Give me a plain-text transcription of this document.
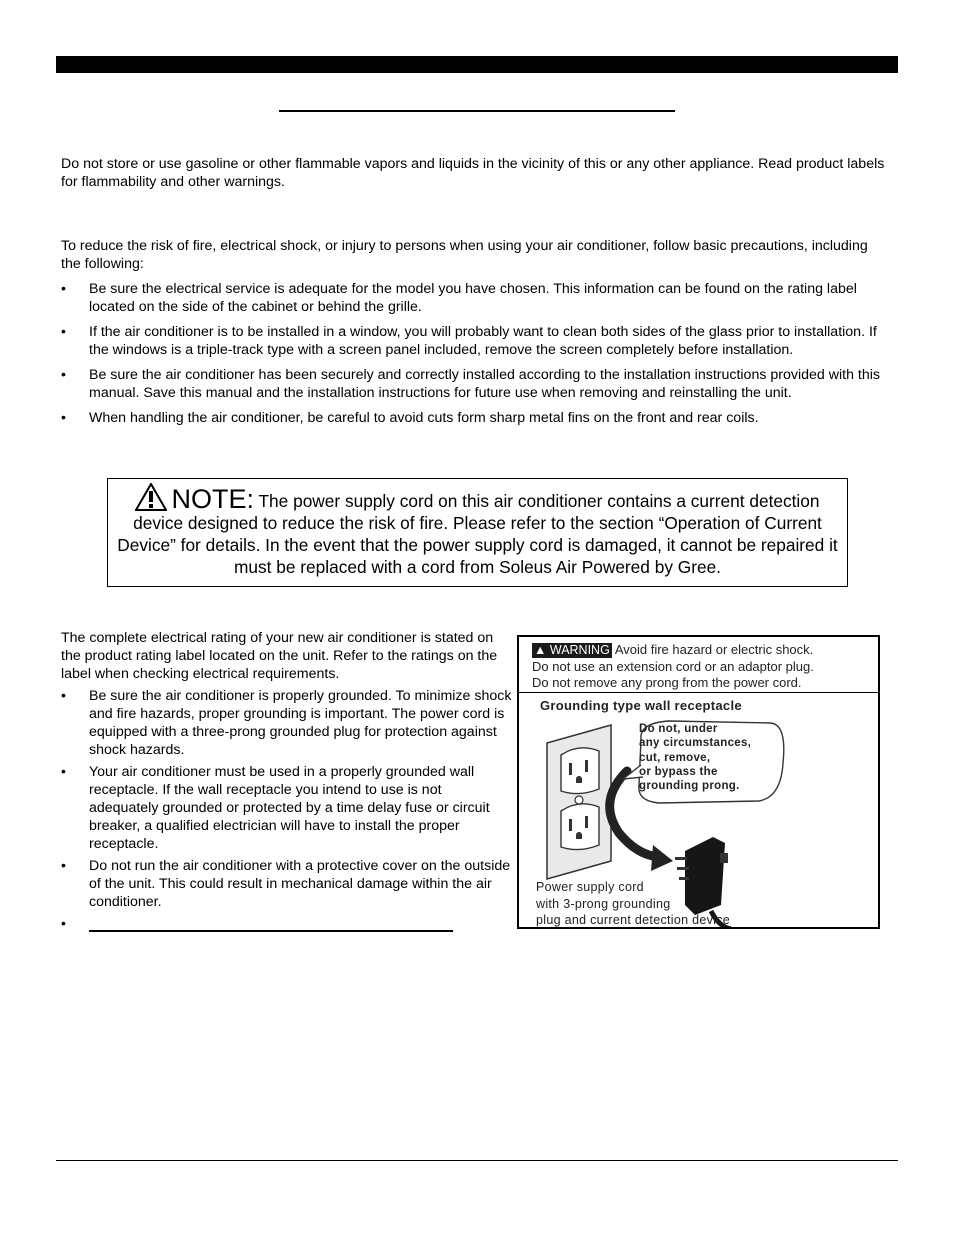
Do not store or use gasoline or other flammable vapors and liquids in the vicinity of this or any other appliance. Read product labels for flammability and other warnings.

To reduce the risk of fire, electrical shock, or injury to persons when using your air conditioner, follow basic precautions, including the following:

• Be sure the electrical service is adequate for the model you have chosen. This information can be found on the rating label located on the side of the cabinet or behind the grille.
• If the air conditioner is to be installed in a window, you will probably want to clean both sides of the glass prior to installation. If the windows is a triple-track type with a screen panel included, remove the screen completely before installation.
• Be sure the air conditioner has been securely and correctly installed according to the installation instructions provided with this manual. Save this manual and the installation instructions for future use when removing and reinstalling the unit.
• When handling the air conditioner, be careful to avoid cuts form sharp metal fins on the front and rear coils.
NOTE: The power supply cord on this air conditioner contains a current detection device designed to reduce the risk of fire. Please refer to the section “Operation of Current Device” for details. In the event that the power supply cord is damaged, it cannot be repaired it must be replaced with a cord from Soleus Air Powered by Gree.

The complete electrical rating of your new air conditioner is stated on the product rating label located on the unit. Refer to the ratings on the label when checking electrical requirements.

• Be sure the air conditioner is properly grounded. To minimize shock and fire hazards, proper grounding is important. The power cord is equipped with a three-prong grounded plug for protection against shock hazards.
• Your air conditioner must be used in a properly grounded wall receptacle. If the wall receptacle you intend to use is not adequately grounded or protected by a time delay fuse or circuit breaker, a qualified electrician will have to install the proper receptacle.
• Do not run the air conditioner with a protective cover on the outside of the unit. This could result in mechanical damage within the air conditioner.
•
▲ WARNING Avoid fire hazard or electric shock.
Do not use an extension cord or an adaptor plug.
Do not remove any prong from the power cord.
Grounding type wall receptacle
Do not, under
any circumstances,
cut, remove,
or bypass the
grounding prong.
Power supply cord
with 3-prong grounding
plug and current detection device
